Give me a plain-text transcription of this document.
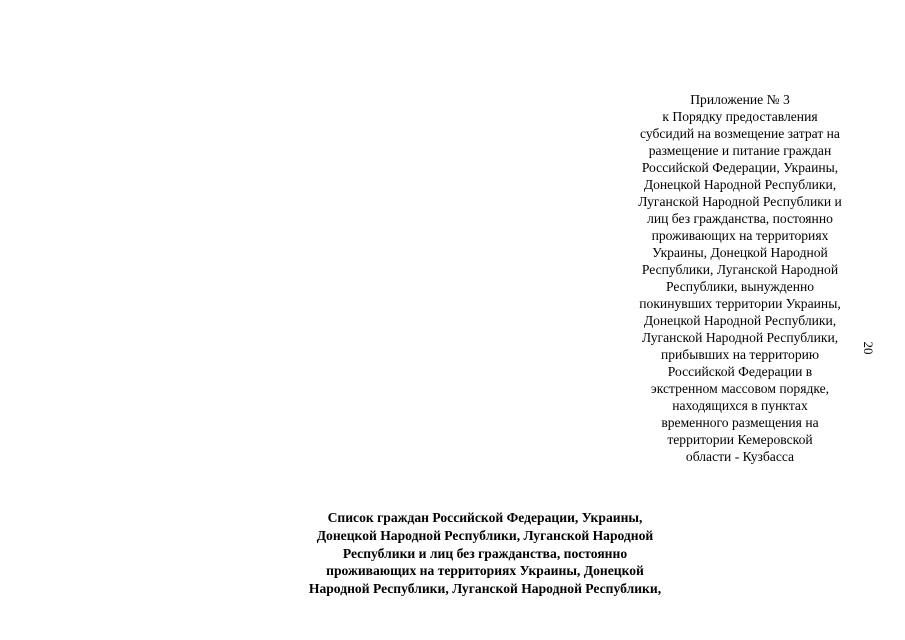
Приложение № 3
к Порядку предоставления
субсидий на возмещение затрат на
размещение и питание граждан
Российской Федерации, Украины,
Донецкой Народной Республики,
Луганской Народной Республики и
лиц без гражданства, постоянно
проживающих на территориях
Украины, Донецкой Народной
Республики, Луганской Народной
Республики, вынужденно
покинувших территории Украины,
Донецкой Народной Республики,
Луганской Народной Республики,
прибывших на территорию
Российской Федерации в
экстренном массовом порядке,
находящихся в пунктах
временного размещения на
территории Кемеровской
области - Кузбасса
20
Список граждан Российской Федерации, Украины,
Донецкой Народной Республики, Луганской Народной
Республики и лиц без гражданства, постоянно
проживающих на территориях Украины, Донецкой
Народной Республики, Луганской Народной Республики,
